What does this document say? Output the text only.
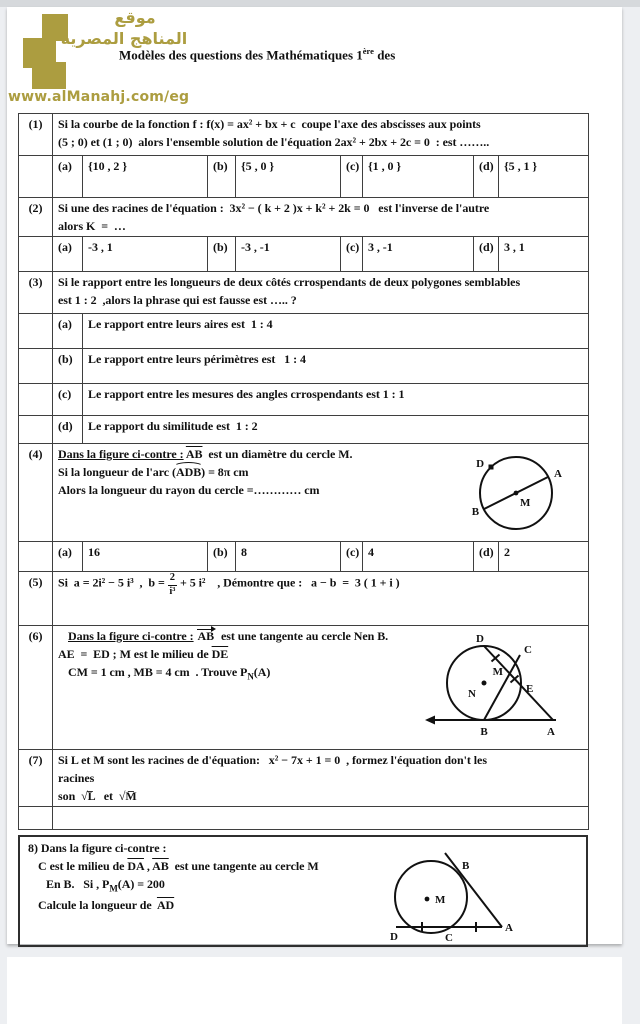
موقع
المناهج المصرية
Modèles des questions des Mathématiques 1ère des
www.alManahj.com/eg
(1)	Si la courbe de la fonction f : f(x) = ax² + bx + c  coupe l'axe des abscisses aux points
(5 ; 0) et (1 ; 0)  alors l'ensemble solution de l'équation 2ax² + 2bx + 2c = 0  : est ……..							

	(a)	{10 , 2 }	(b)	{5 , 0 }	(c)	{1 , 0 }	(d)	{5 , 1 }
(2)	Si une des racines de l'équation :  3x² − ( k + 2 )x + k² + 2k = 0   est l'inverse de l'autre
alors K  =  …							

	(a)	-3 , 1	(b)	-3 , -1	(c)	3 , -1	(d)	3 , 1
(3)	Si le rapport entre les longueurs de deux côtés crrospendants de deux polygones semblables
est 1 : 2  ,alors la phrase qui est fausse est ….. ?							

	(a)	Le rapport entre leurs aires est  1 : 4						
	(b)	Le rapport entre leurs périmètres est   1 : 4						
	(c)	Le rapport entre les mesures des angles crrospendants est 1 : 1						
	(d)	Le rapport du similitude est  1 : 2						
(4)	Dans la figure ci-contre : $\overline{AB}$  est un diamètre du cercle M.
Si la longueur de l'arc (ADB) = 8π cm
Alors la longueur du rayon du cercle =………… cm
D
A
B
M

	(a)	16	(b)	8	(c)	4	(d)	2
(5)	Si  a = 2i² − 5 i³  ,  $b = \frac{2}{\text{i³}} + 5$ i²    , Démontre que :   a − b  =  3 ( 1 + i )							

(6)	Dans la figure ci-contre : AB  est une tangente au cercle Nen B.
AE  =  ED ; M est le milieu de $\overline{DE}$
CM = 1 cm , MB = 4 cm  . Trouve $P_N(A)$
D
C
M
N	E
B	A

(7)	Si L et M sont les racines de d'équation:   x² − 7x + 1 = 0  , formez l'équation don't les
racines
son  √L̅   et  √M̅							

8) Dans la figure ci-contre :
C est le milieu de $\overline{DA}$ , $\overline{AB}$  est une tangente au cercle M
En B.   Si , $P_M(A) = 200$
Calcule la longueur de  $\overline{AD}$
B
M
D	C
A
